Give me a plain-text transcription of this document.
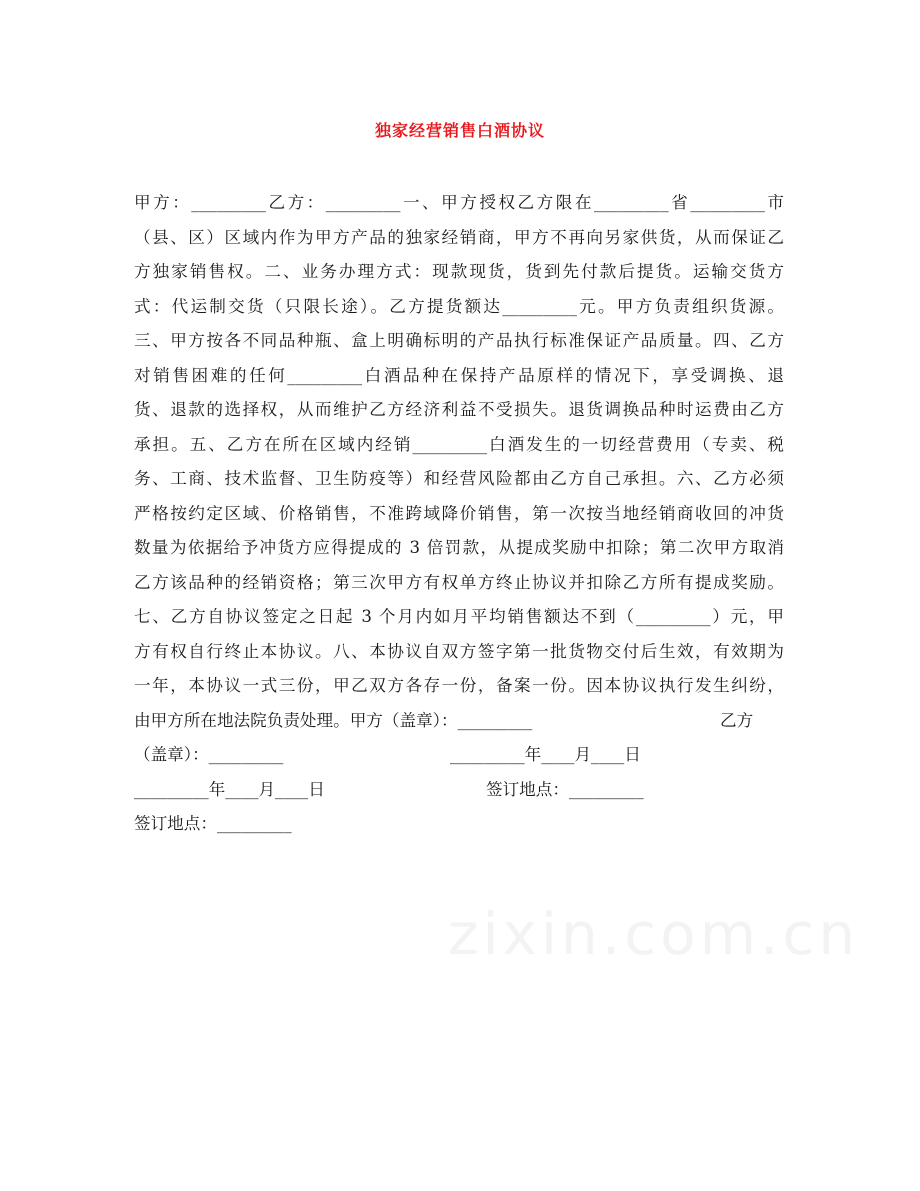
独家经营销售白酒协议
甲方：_________乙方：_________一、甲方授权乙方限在_________省_________市
（县、区）区域内作为甲方产品的独家经销商，甲方不再向另家供货，从而保证乙
方独家销售权。二、业务办理方式：现款现货，货到先付款后提货。运输交货方
式：代运制交货（只限长途）。乙方提货额达_________元。甲方负责组织货源。
三、甲方按各不同品种瓶、盒上明确标明的产品执行标准保证产品质量。四、乙方
对销售困难的任何_________白酒品种在保持产品原样的情况下，享受调换、退
货、退款的选择权，从而维护乙方经济利益不受损失。退货调换品种时运费由乙方
承担。五、乙方在所在区域内经销_________白酒发生的一切经营费用（专卖、税
务、工商、技术监督、卫生防疫等）和经营风险都由乙方自己承担。六、乙方必须
严格按约定区域、价格销售，不准跨域降价销售，第一次按当地经销商收回的冲货
数量为依据给予冲货方应得提成的 3 倍罚款，从提成奖励中扣除；第二次甲方取消
乙方该品种的经销资格；第三次甲方有权单方终止协议并扣除乙方所有提成奖励。
七、乙方自协议签定之日起 3 个月内如月平均销售额达不到（_________）元，甲
方有权自行终止本协议。八、本协议自双方签字第一批货物交付后生效，有效期为
一年，本协议一式三份，甲乙双方各存一份，备案一份。因本协议执行发生纠纷，
由甲方所在地法院负责处理。甲方（盖章）：_________	乙方
（盖章）：_________	_________年____月____日
_________年____月____日	签订地点：_________
签订地点：_________
zixin.com.cn
